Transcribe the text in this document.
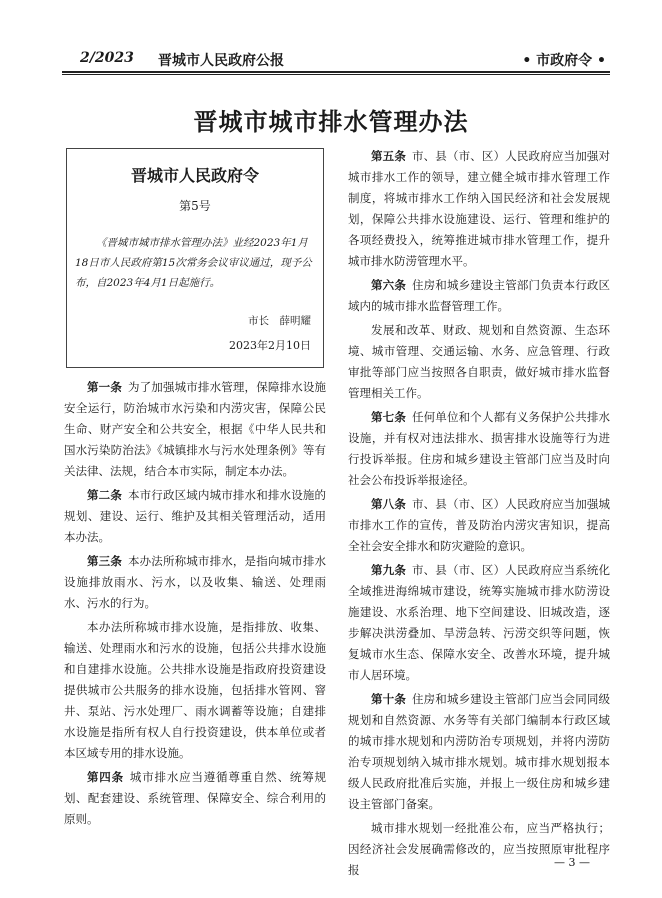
2/2023 晋城市人民政府公报	• 市政府令 •
晋城市城市排水管理办法
晋城市人民政府令
第5号
《晋城市城市排水管理办法》业经2023年1月18日市人民政府第15次常务会议审议通过，现予公布，自2023年4月1日起施行。
市长　薛明耀
2023年2月10日

第一条 为了加强城市排水管理，保障排水设施安全运行，防治城市水污染和内涝灾害，保障公民生命、财产安全和公共安全，根据《中华人民共和国水污染防治法》《城镇排水与污水处理条例》等有关法律、法规，结合本市实际，制定本办法。

第二条 本市行政区域内城市排水和排水设施的规划、建设、运行、维护及其相关管理活动，适用本办法。

第三条 本办法所称城市排水，是指向城市排水设施排放雨水、污水，以及收集、输送、处理雨水、污水的行为。

本办法所称城市排水设施，是指排放、收集、输送、处理雨水和污水的设施，包括公共排水设施和自建排水设施。公共排水设施是指政府投资建设提供城市公共服务的排水设施，包括排水管网、窨井、泵站、污水处理厂、雨水调蓄等设施；自建排水设施是指所有权人自行投资建设，供本单位或者本区域专用的排水设施。

第四条 城市排水应当遵循尊重自然、统筹规划、配套建设、系统管理、保障安全、综合利用的原则。

第五条 市、县（市、区）人民政府应当加强对城市排水工作的领导，建立健全城市排水管理工作制度，将城市排水工作纳入国民经济和社会发展规划，保障公共排水设施建设、运行、管理和维护的各项经费投入，统筹推进城市排水管理工作，提升城市排水防涝管理水平。

第六条 住房和城乡建设主管部门负责本行政区域内的城市排水监督管理工作。

发展和改革、财政、规划和自然资源、生态环境、城市管理、交通运输、水务、应急管理、行政审批等部门应当按照各自职责，做好城市排水监督管理相关工作。

第七条 任何单位和个人都有义务保护公共排水设施，并有权对违法排水、损害排水设施等行为进行投诉举报。住房和城乡建设主管部门应当及时向社会公布投诉举报途径。

第八条 市、县（市、区）人民政府应当加强城市排水工作的宣传，普及防治内涝灾害知识，提高全社会安全排水和防灾避险的意识。

第九条 市、县（市、区）人民政府应当系统化全域推进海绵城市建设，统筹实施城市排水防涝设施建设、水系治理、地下空间建设、旧城改造，逐步解决洪涝叠加、旱涝急转、污涝交织等问题，恢复城市水生态、保障水安全、改善水环境，提升城市人居环境。

第十条 住房和城乡建设主管部门应当会同同级规划和自然资源、水务等有关部门编制本行政区域的城市排水规划和内涝防治专项规划，并将内涝防治专项规划纳入城市排水规划。城市排水规划报本级人民政府批准后实施，并报上一级住房和城乡建设主管部门备案。

城市排水规划一经批准公布，应当严格执行；因经济社会发展确需修改的，应当按照原审批程序报

— 3 —
